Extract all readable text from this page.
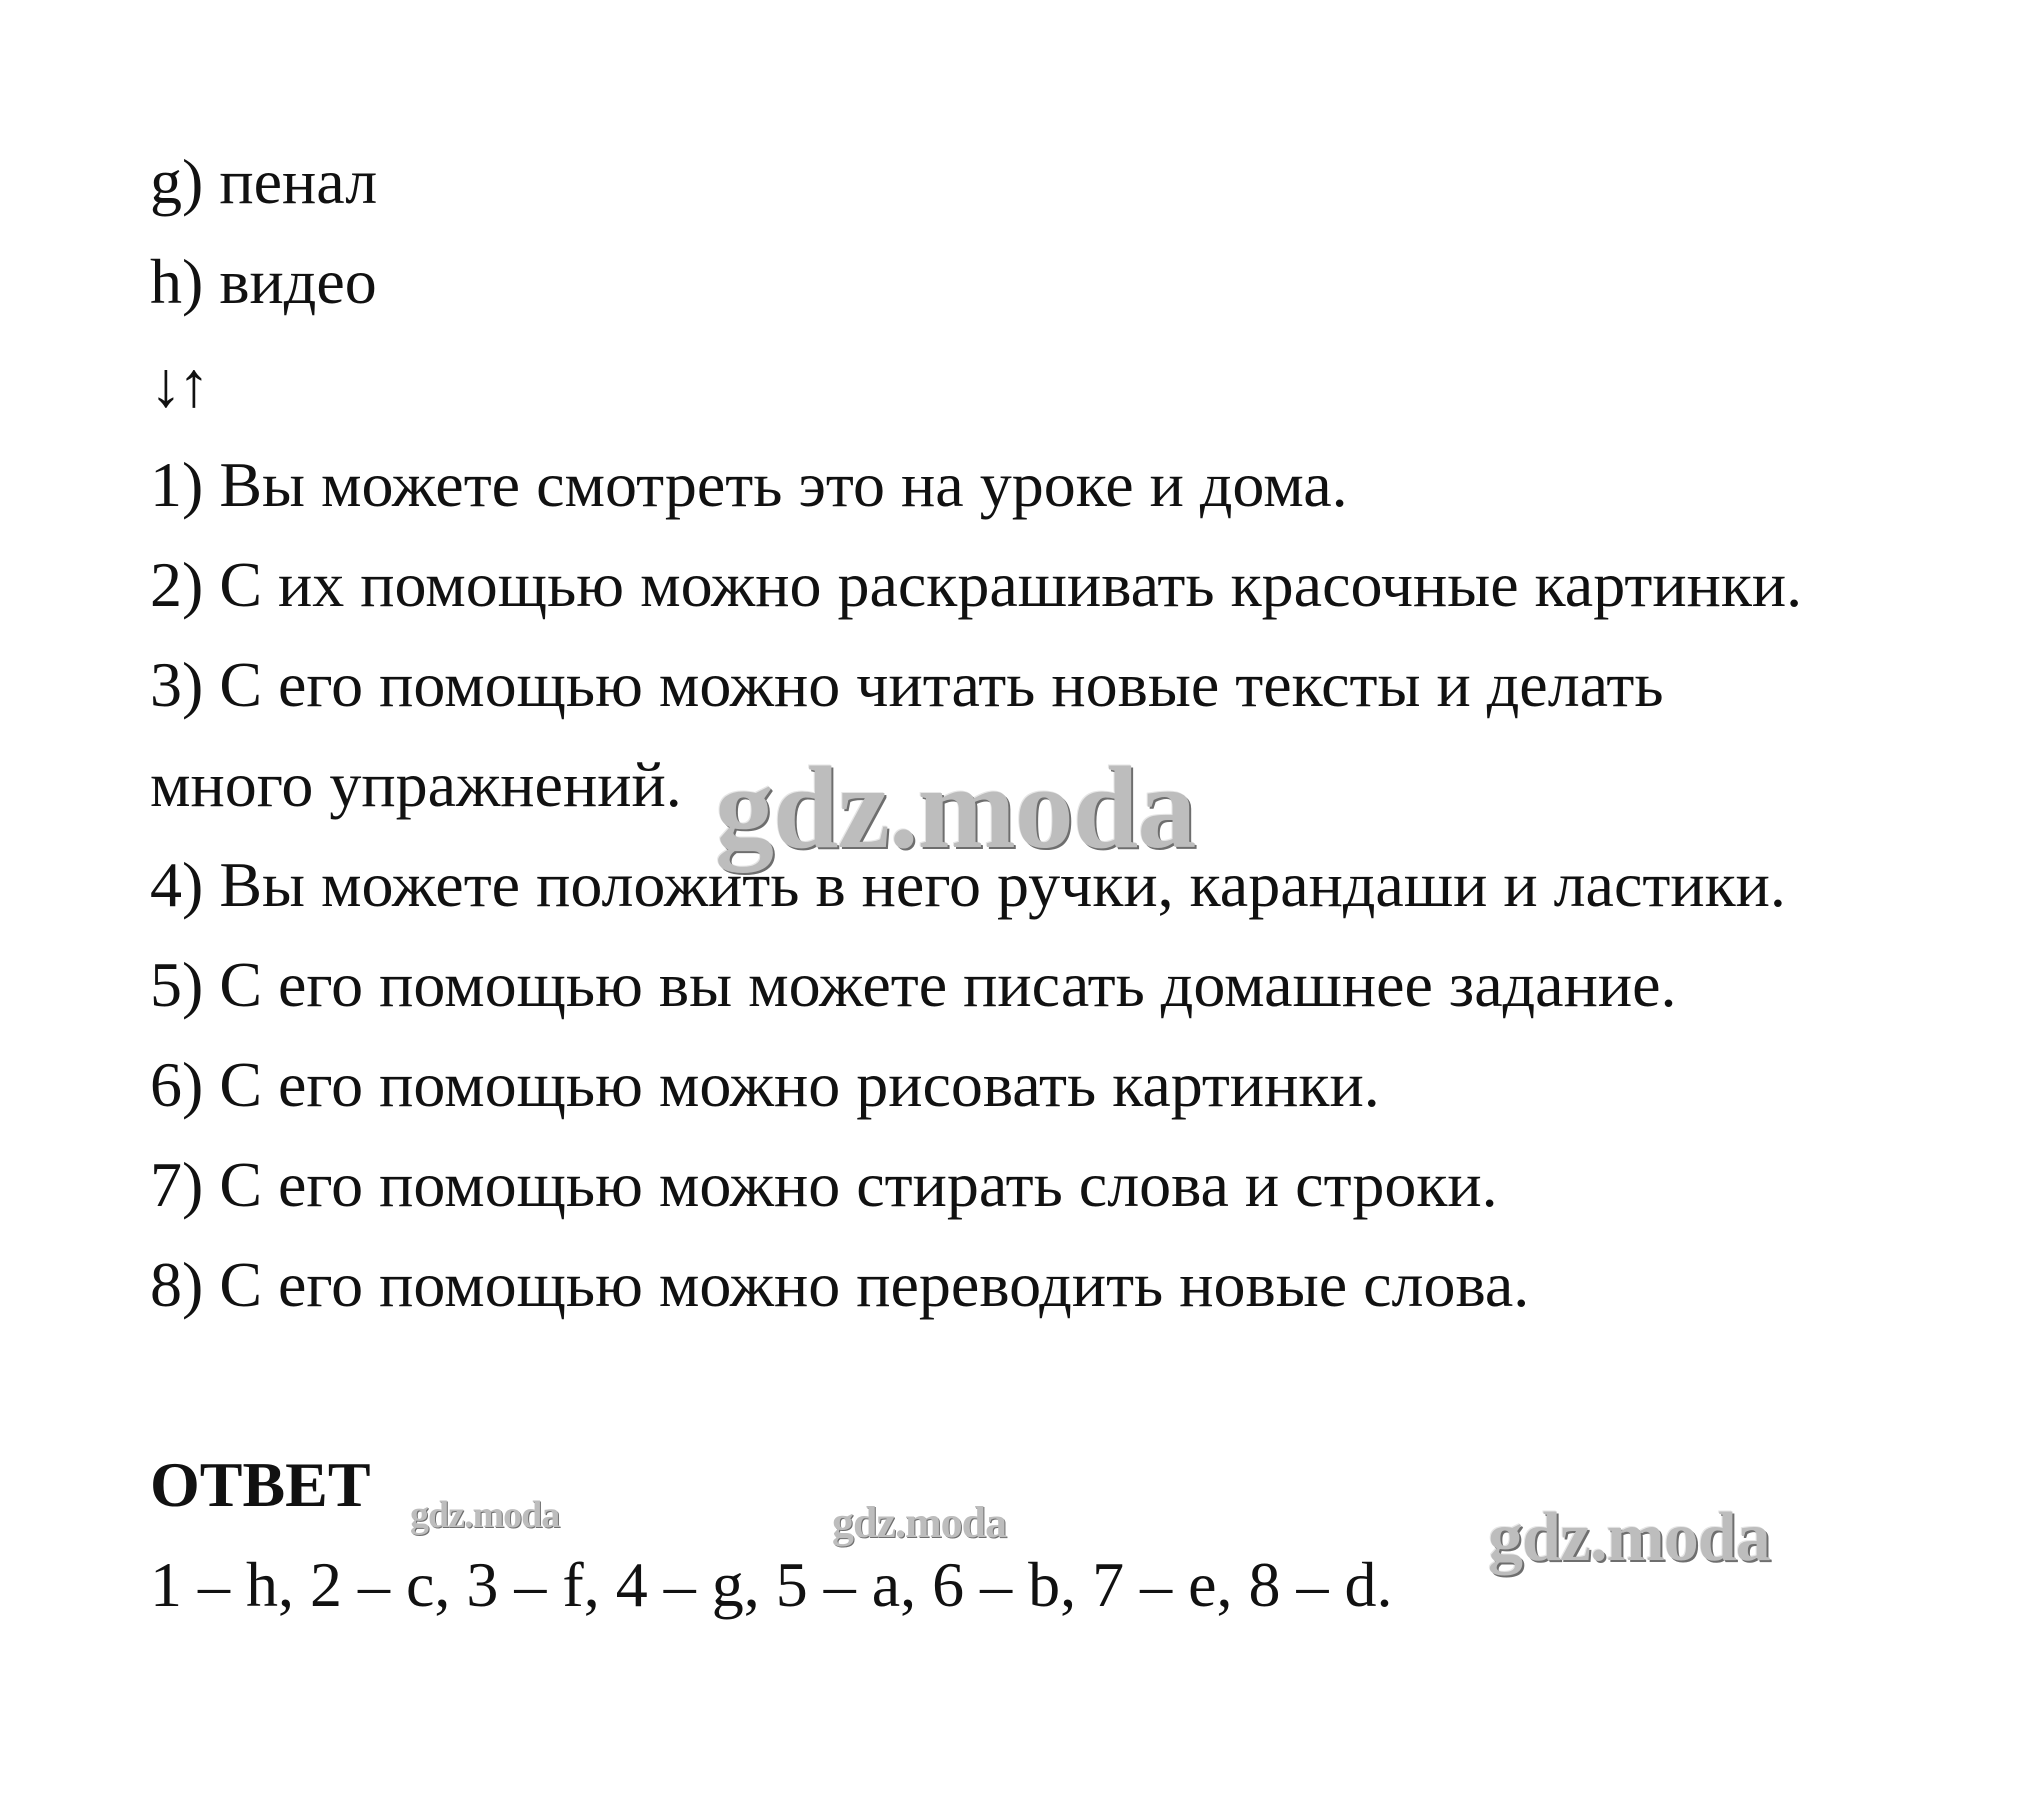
g) пенал
h) видео
↓↑
1) Вы можете смотреть это на уроке и дома.
2) С их помощью можно раскрашивать красочные картинки.
3) С его помощью можно читать новые тексты и делать
много упражнений.
4) Вы можете положить в него ручки, карандаши и ластики.
5) С его помощью вы можете писать домашнее задание.
6) С его помощью можно рисовать картинки.
7) С его помощью можно стирать слова и строки.
8) С его помощью можно переводить новые слова.
ОТВЕТ
1 – h, 2 – c, 3 – f, 4 – g, 5 – a, 6 – b, 7 – e, 8 – d.
gdz.moda
gdz.moda	gdz.moda	gdz.moda
